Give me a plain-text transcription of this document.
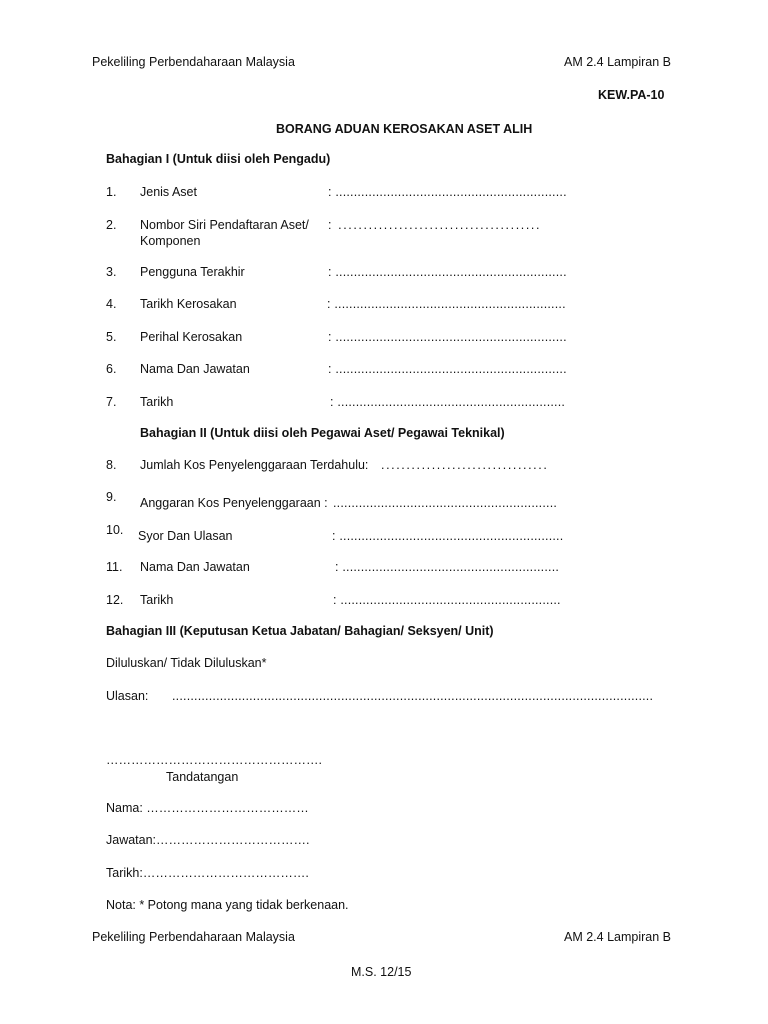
Pekeliling Perbendaharaan Malaysia	AM 2.4 Lampiran B
KEW.PA-10
BORANG ADUAN KEROSAKAN ASET ALIH
Bahagian I (Untuk diisi oleh Pengadu)
1. Jenis Aset	: ...............................................................
2. Nombor Siri Pendaftaran Aset/
Komponen
: ........................................
3. Pengguna Terakhir	: ...............................................................
4. Tarikh Kerosakan	: ...............................................................
5. Perihal Kerosakan	: ...............................................................
6. Nama Dan Jawatan	: ...............................................................
7. Tarikh	: ..............................................................
Bahagian II (Untuk diisi oleh Pegawai Aset/ Pegawai Teknikal)
8. Jumlah Kos Penyelenggaraan Terdahulu: .................................
9. Anggaran Kos Penyelenggaraan : .............................................................
10. Syor Dan Ulasan	: .............................................................
11. Nama Dan Jawatan	: ...........................................................
12. Tarikh	: ............................................................
Bahagian III (Keputusan Ketua Jabatan/ Bahagian/ Seksyen/ Unit)
Diluluskan/ Tidak Diluluskan*
Ulasan: ...................................................................................................................................
…………………………………………….
Tandatangan
Nama: …………………………………
Jawatan:……………………………….
Tarikh:………………………………….
Nota: * Potong mana yang tidak berkenaan.
Pekeliling Perbendaharaan Malaysia	AM 2.4 Lampiran B
M.S. 12/15
